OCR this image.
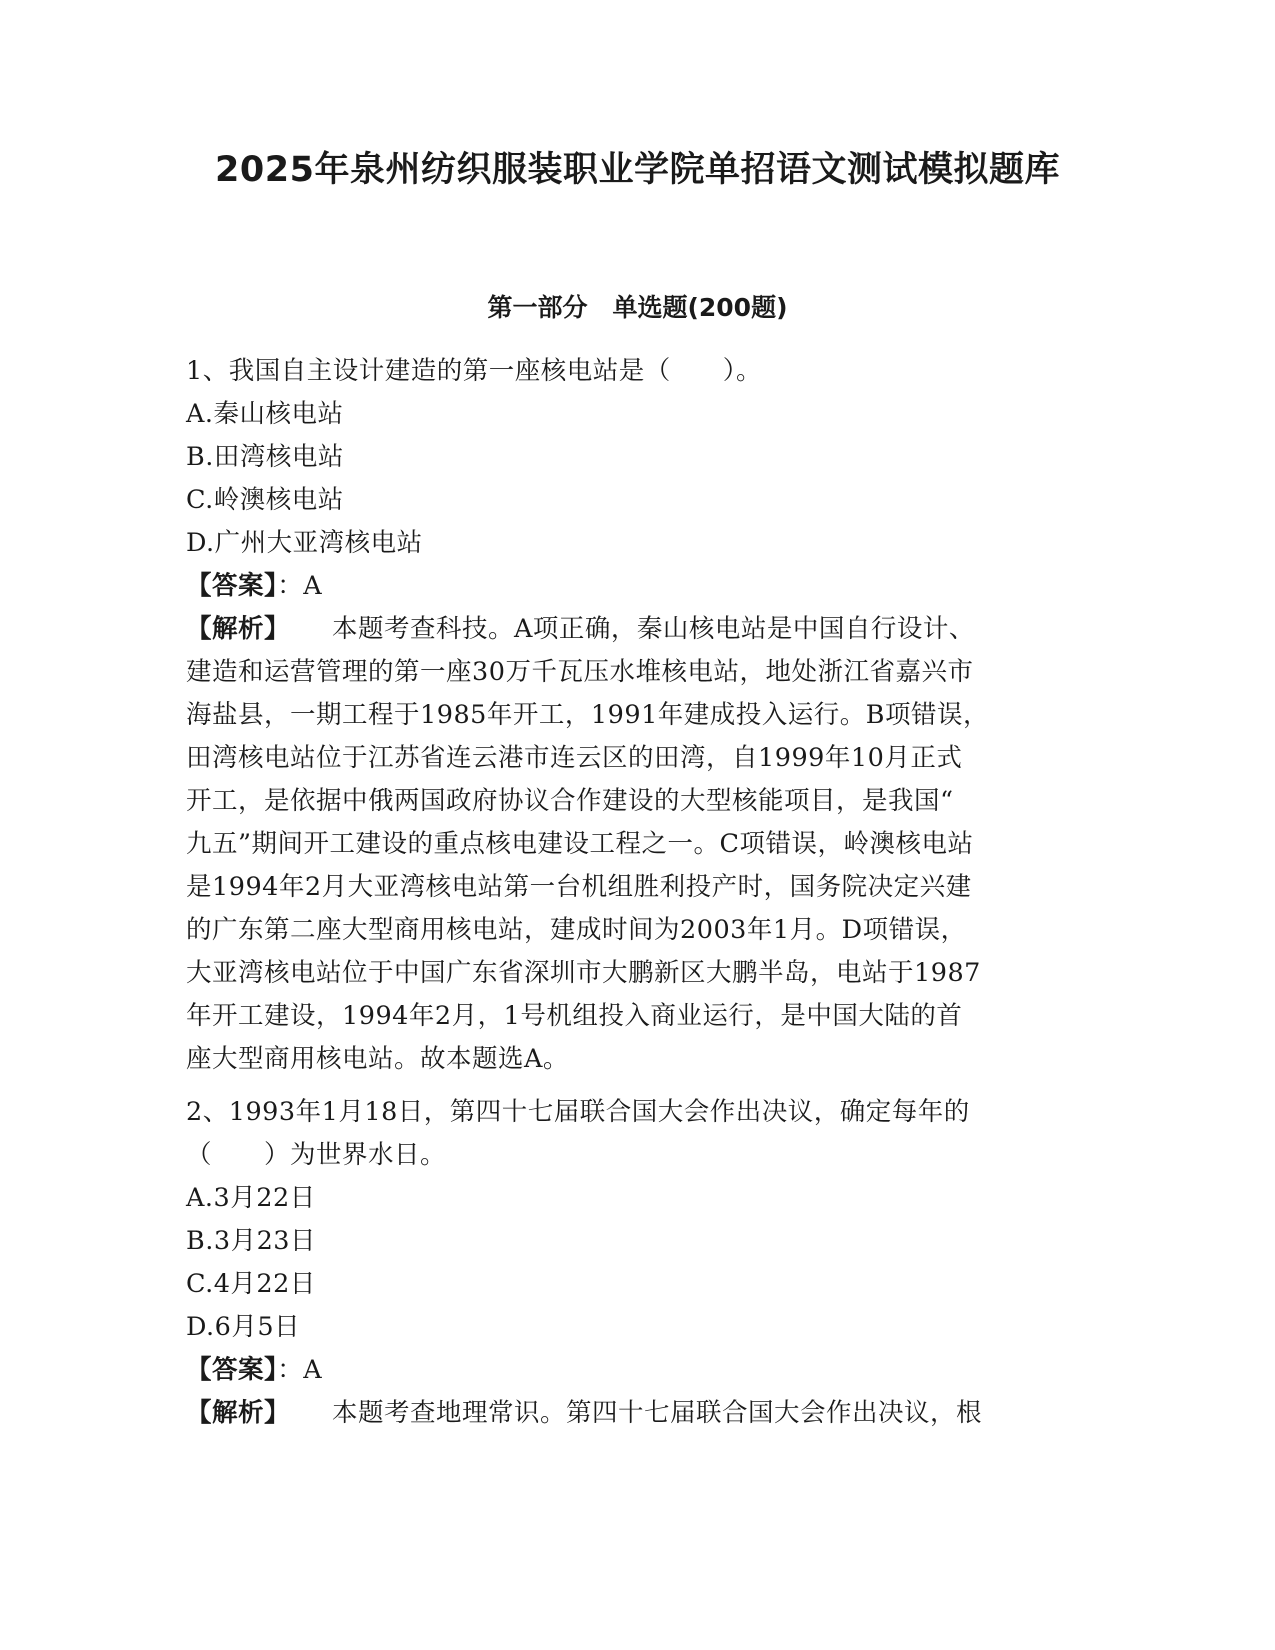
2025年泉州纺织服装职业学院单招语文测试模拟题库
第一部分　单选题(200题)
1、我国自主设计建造的第一座核电站是（　　）。
A.秦山核电站
B.田湾核电站
C.岭澳核电站
D.广州大亚湾核电站
【答案】：A
【解析】 本题考查科技。A项正确，秦山核电站是中国自行设计、
建造和运营管理的第一座30万千瓦压水堆核电站，地处浙江省嘉兴市
海盐县，一期工程于1985年开工，1991年建成投入运行。B项错误，
田湾核电站位于江苏省连云港市连云区的田湾，自1999年10月正式
开工，是依据中俄两国政府协议合作建设的大型核能项目，是我国“
九五”期间开工建设的重点核电建设工程之一。C项错误，岭澳核电站
是1994年2月大亚湾核电站第一台机组胜利投产时，国务院决定兴建
的广东第二座大型商用核电站，建成时间为2003年1月。D项错误，
大亚湾核电站位于中国广东省深圳市大鹏新区大鹏半岛，电站于1987
年开工建设，1994年2月，1号机组投入商业运行，是中国大陆的首
座大型商用核电站。故本题选A。
2、1993年1月18日，第四十七届联合国大会作出决议，确定每年的
（　　）为世界水日。
A.3月22日
B.3月23日
C.4月22日
D.6月5日
【答案】：A
【解析】 本题考查地理常识。第四十七届联合国大会作出决议，根
